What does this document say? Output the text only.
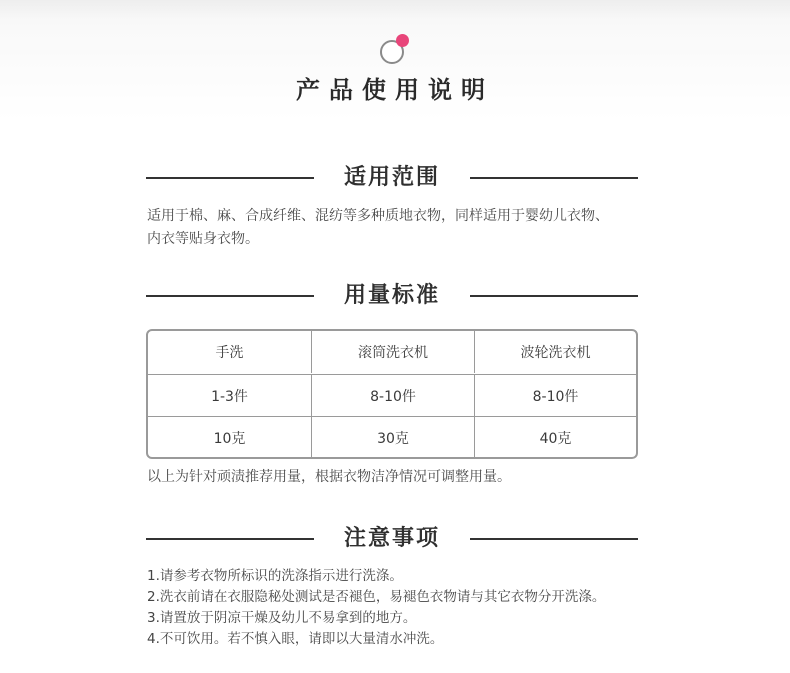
产品使用说明
适用范围
适用于棉、麻、合成纤维、混纺等多种质地衣物，同样适用于婴幼儿衣物、
内衣等贴身衣物。
用量标准
手洗	滚筒洗衣机	波轮洗衣机
1-3件	8-10件	8-10件
10克	30克	40克
以上为针对顽渍推荐用量，根据衣物洁净情况可调整用量。
注意事项
1.请参考衣物所标识的洗涤指示进行洗涤。
2.洗衣前请在衣服隐秘处测试是否褪色，易褪色衣物请与其它衣物分开洗涤。
3.请置放于阴凉干燥及幼儿不易拿到的地方。
4.不可饮用。若不慎入眼，请即以大量清水冲洗。
